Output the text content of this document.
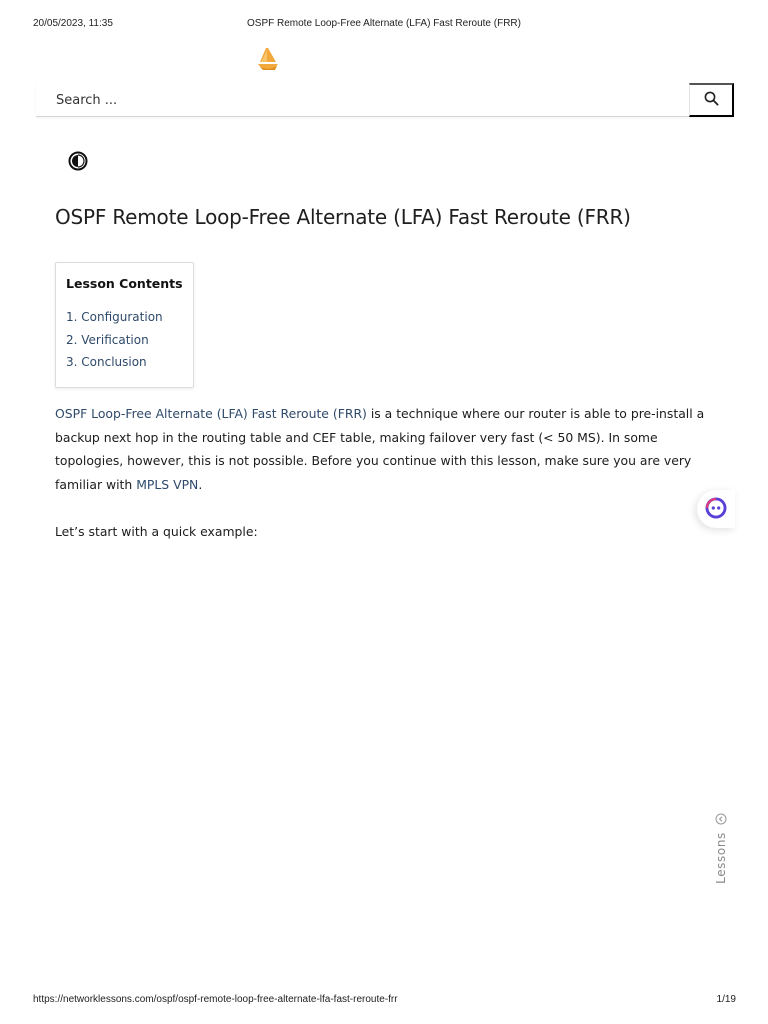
20/05/2023, 11:35	OSPF Remote Loop-Free Alternate (LFA) Fast Reroute (FRR)
Search ...
OSPF Remote Loop-Free Alternate (LFA) Fast Reroute (FRR)
Lesson Contents
1. Configuration
2. Verification
3. Conclusion

OSPF Loop-Free Alternate (LFA) Fast Reroute (FRR) is a technique where our router is able to pre-install a backup next hop in the routing table and CEF table, making failover very fast (< 50 MS). In some topologies, however, this is not possible. Before you continue with this lesson, make sure you are very familiar with MPLS VPN.

Let’s start with a quick example:

Lessons
https://networklessons.com/ospf/ospf-remote-loop-free-alternate-lfa-fast-reroute-frr	1/19
